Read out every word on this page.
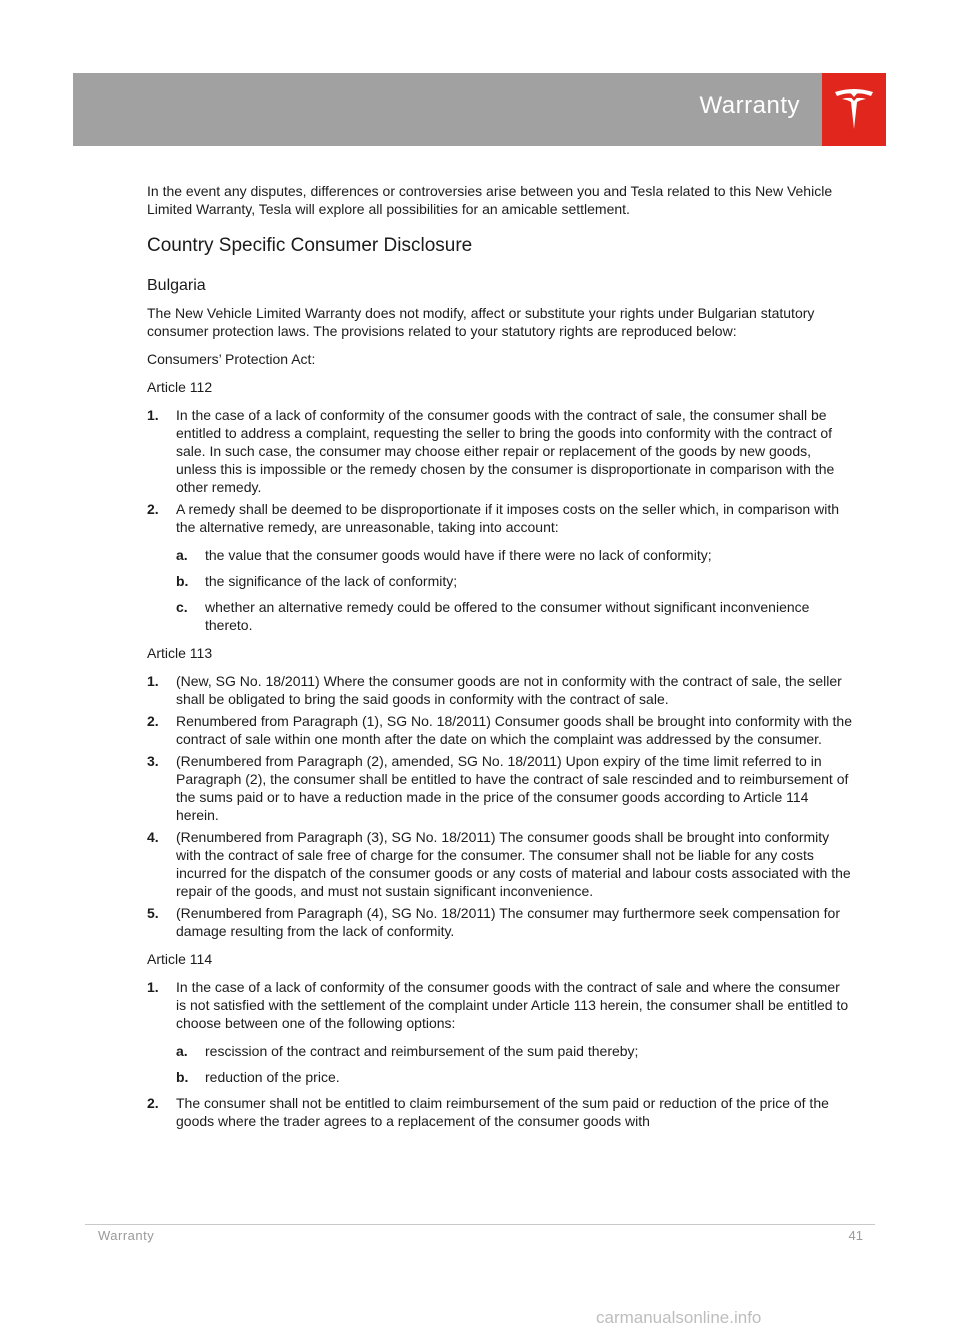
Warranty

In the event any disputes, differences or controversies arise between you and Tesla related to this New Vehicle Limited Warranty, Tesla will explore all possibilities for an amicable settlement.

Country Specific Consumer Disclosure
Bulgaria

The New Vehicle Limited Warranty does not modify, affect or substitute your rights under Bulgarian statutory consumer protection laws. The provisions related to your statutory rights are reproduced below:

Consumers’ Protection Act:

Article 112

1. In the case of a lack of conformity of the consumer goods with the contract of sale, the consumer shall be entitled to address a complaint, requesting the seller to bring the goods into conformity with the contract of sale. In such case, the consumer may choose either repair or replacement of the goods by new goods, unless this is impossible or the remedy chosen by the consumer is disproportionate in comparison with the other remedy.
2. A remedy shall be deemed to be disproportionate if it imposes costs on the seller which, in comparison with the alternative remedy, are unreasonable, taking into account:
a. the value that the consumer goods would have if there were no lack of conformity;
b. the significance of the lack of conformity;
c. whether an alternative remedy could be offered to the consumer without significant inconvenience thereto.

Article 113

1. (New, SG No. 18/2011) Where the consumer goods are not in conformity with the contract of sale, the seller shall be obligated to bring the said goods in conformity with the contract of sale.
2. Renumbered from Paragraph (1), SG No. 18/2011) Consumer goods shall be brought into conformity with the contract of sale within one month after the date on which the complaint was addressed by the consumer.
3. (Renumbered from Paragraph (2), amended, SG No. 18/2011) Upon expiry of the time limit referred to in Paragraph (2), the consumer shall be entitled to have the contract of sale rescinded and to reimbursement of the sums paid or to have a reduction made in the price of the consumer goods according to Article 114 herein.
4. (Renumbered from Paragraph (3), SG No. 18/2011) The consumer goods shall be brought into conformity with the contract of sale free of charge for the consumer. The consumer shall not be liable for any costs incurred for the dispatch of the consumer goods or any costs of material and labour costs associated with the repair of the goods, and must not sustain significant inconvenience.
5. (Renumbered from Paragraph (4), SG No. 18/2011) The consumer may furthermore seek compensation for damage resulting from the lack of conformity.

Article 114

1. In the case of a lack of conformity of the consumer goods with the contract of sale and where the consumer is not satisfied with the settlement of the complaint under Article 113 herein, the consumer shall be entitled to choose between one of the following options:
a. rescission of the contract and reimbursement of the sum paid thereby;
b. reduction of the price.
2. The consumer shall not be entitled to claim reimbursement of the sum paid or reduction of the price of the goods where the trader agrees to a replacement of the consumer goods with
Warranty	41
carmanualsonline.info
